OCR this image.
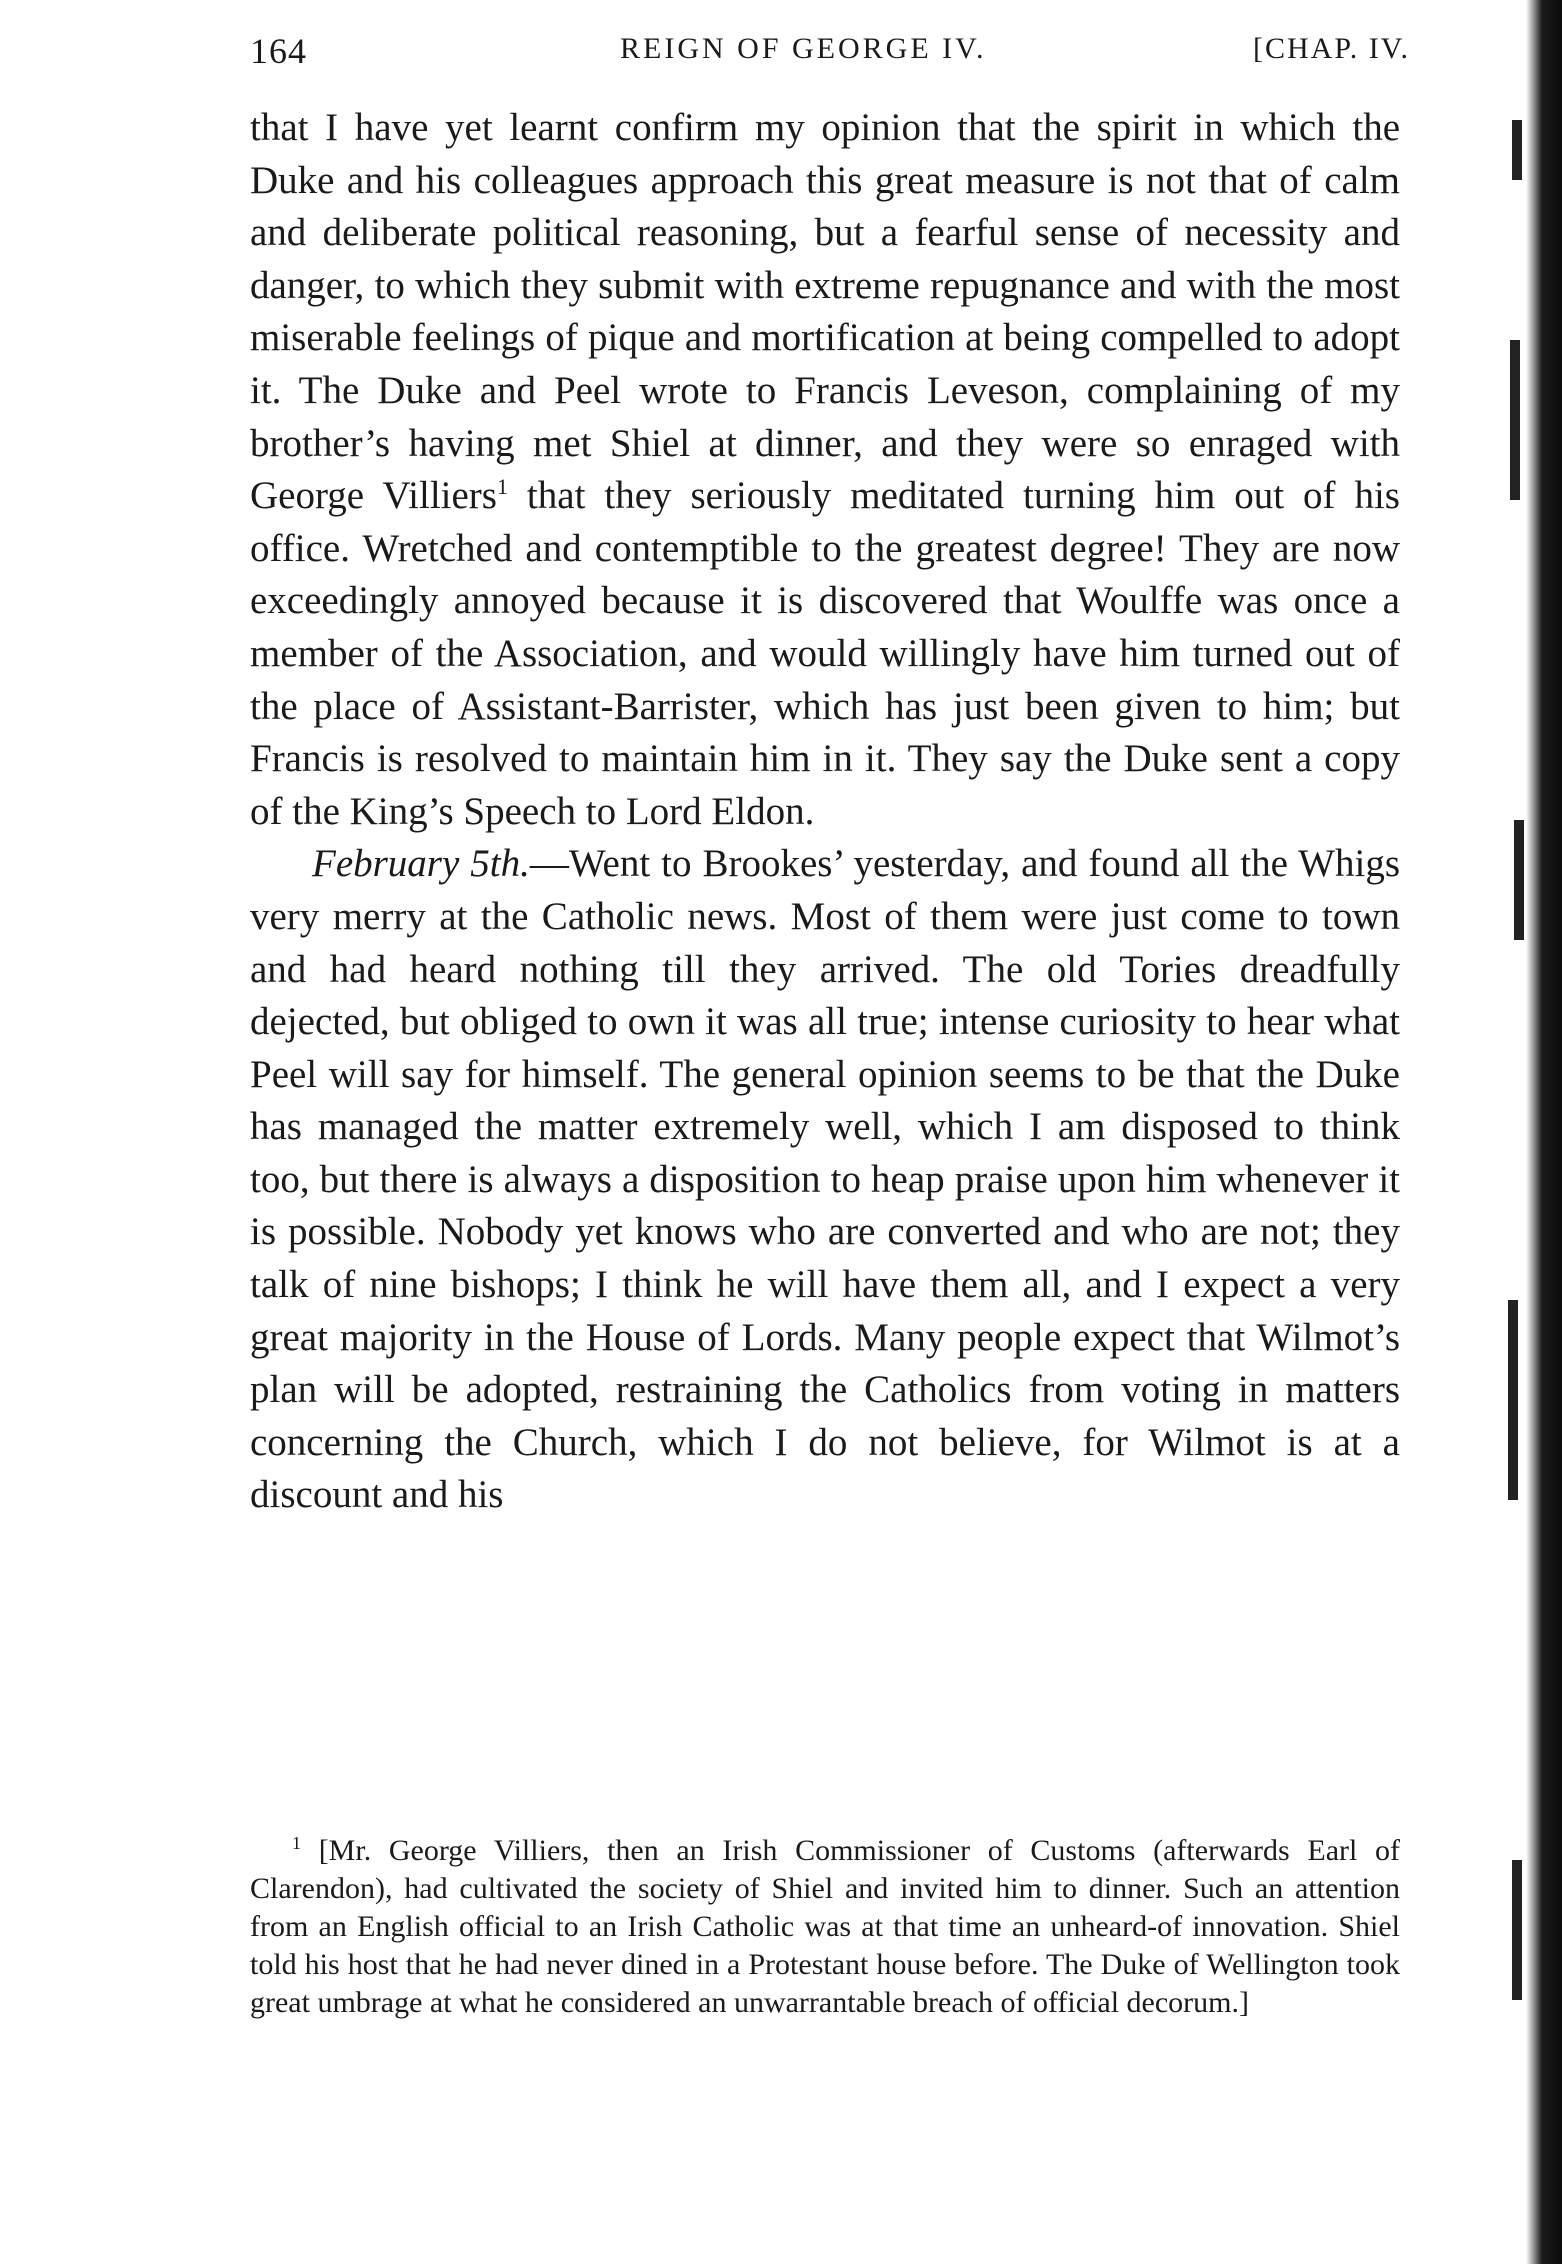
164	REIGN OF GEORGE IV.	[CHAP. IV.

that I have yet learnt confirm my opinion that the spirit in which the Duke and his colleagues approach this great measure is not that of calm and deliberate political reasoning, but a fearful sense of necessity and danger, to which they submit with extreme repugnance and with the most miserable feelings of pique and mortification at being compelled to adopt it. The Duke and Peel wrote to Francis Leveson, complaining of my brother’s having met Shiel at dinner, and they were so enraged with George Villiers$^1$ that they seriously meditated turning him out of his office. Wretched and contemptible to the greatest degree! They are now exceedingly annoyed because it is discovered that Woulffe was once a member of the Association, and would willingly have him turned out of the place of Assistant-Barrister, which has just been given to him; but Francis is resolved to maintain him in it. They say the Duke sent a copy of the King’s Speech to Lord Eldon.

February 5th.—Went to Brookes’ yesterday, and found all the Whigs very merry at the Catholic news. Most of them were just come to town and had heard nothing till they arrived. The old Tories dreadfully dejected, but obliged to own it was all true; intense curiosity to hear what Peel will say for himself. The general opinion seems to be that the Duke has managed the matter extremely well, which I am disposed to think too, but there is always a disposition to heap praise upon him whenever it is possible. Nobody yet knows who are converted and who are not; they talk of nine bishops; I think he will have them all, and I expect a very great majority in the House of Lords. Many people expect that Wilmot’s plan will be adopted, restraining the Catholics from voting in matters concerning the Church, which I do not believe, for Wilmot is at a discount and his

$^1$ [Mr. George Villiers, then an Irish Commissioner of Customs (afterwards Earl of Clarendon), had cultivated the society of Shiel and invited him to dinner. Such an attention from an English official to an Irish Catholic was at that time an unheard-of innovation. Shiel told his host that he had never dined in a Protestant house before. The Duke of Wellington took great umbrage at what he considered an unwarrantable breach of official decorum.]
